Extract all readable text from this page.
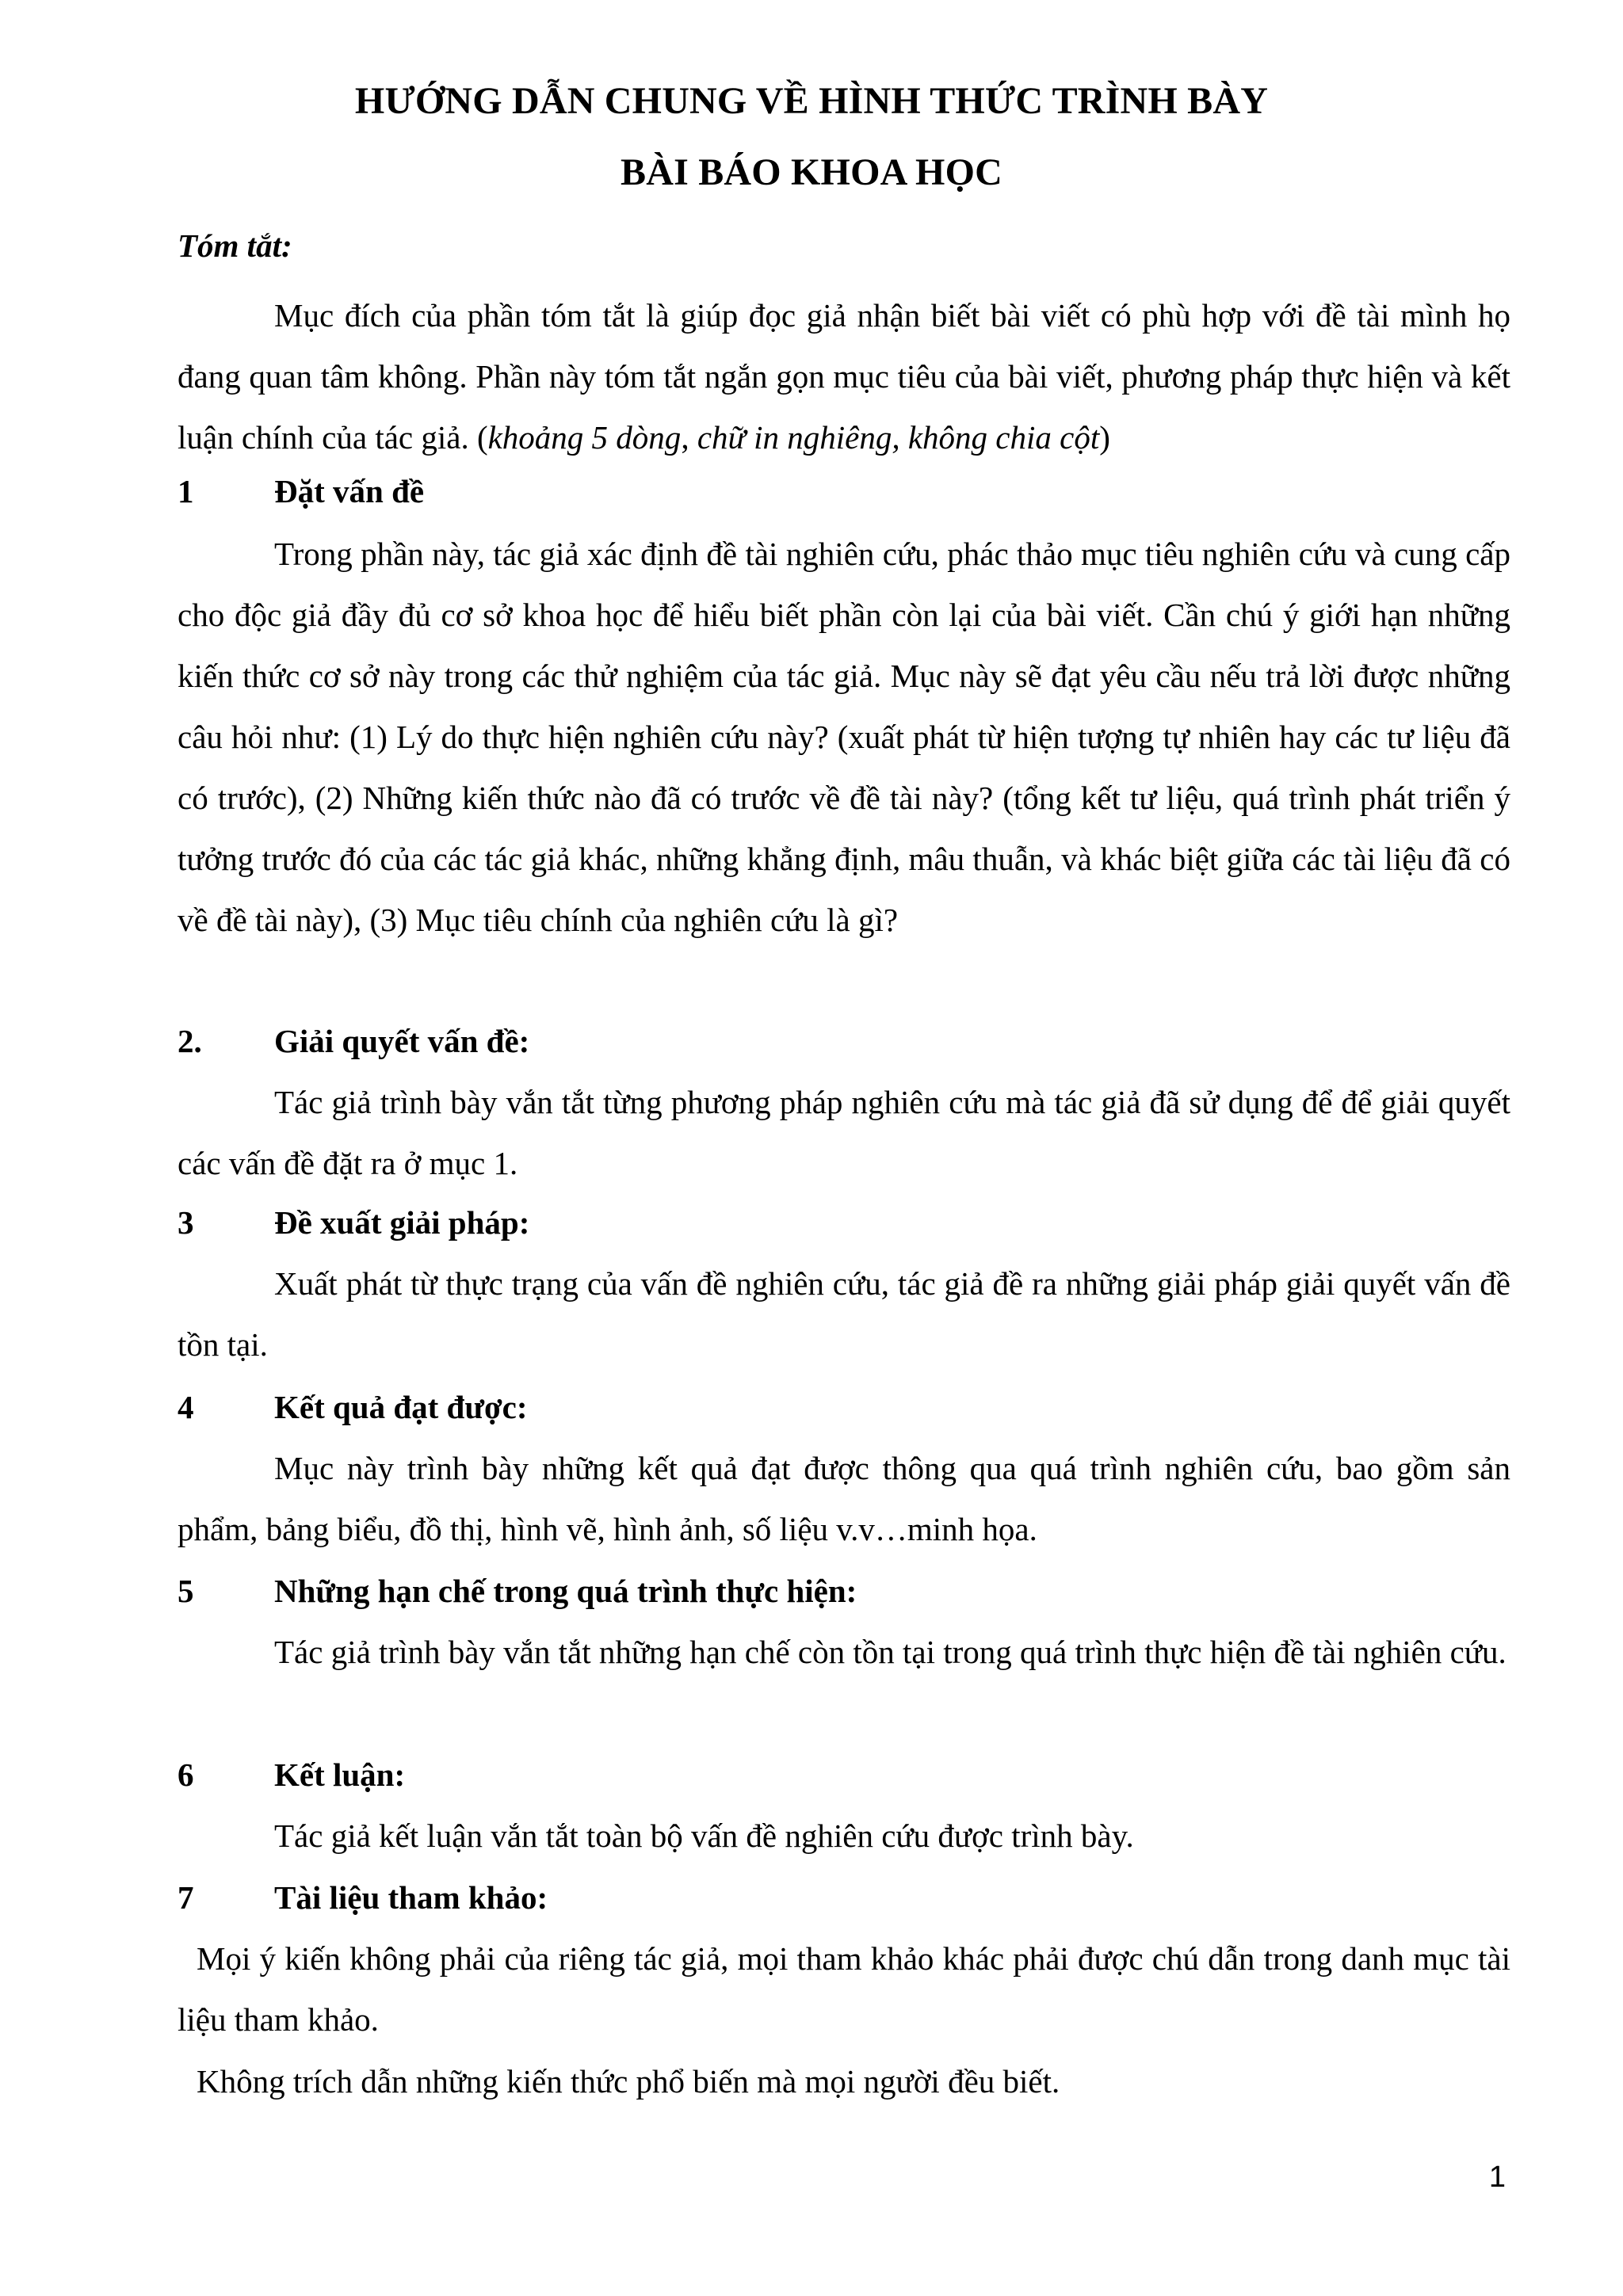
HƯỚNG DẪN CHUNG VỀ HÌNH THỨC TRÌNH BÀY
BÀI BÁO KHOA HỌC
Tóm tắt:

Mục đích của phần tóm tắt là giúp đọc giả nhận biết bài viết có phù hợp với đề tài mình họ đang quan tâm không. Phần này tóm tắt ngắn gọn mục tiêu của bài viết, phương pháp thực hiện và kết luận chính của tác giả. (khoảng 5 dòng, chữ in nghiêng, không chia cột)

1	Đặt vấn đề

Trong phần này, tác giả xác định đề tài nghiên cứu, phác thảo mục tiêu nghiên cứu và cung cấp cho độc giả đầy đủ cơ sở khoa học để hiểu biết phần còn lại của bài viết. Cần chú ý giới hạn những kiến thức cơ sở này trong các thử nghiệm của tác giả. Mục này sẽ đạt yêu cầu nếu trả lời được những câu hỏi như: (1) Lý do thực hiện nghiên cứu này? (xuất phát từ hiện tượng tự nhiên hay các tư liệu đã có trước), (2) Những kiến thức nào đã có trước về đề tài này? (tổng kết tư liệu, quá trình phát triển ý tưởng trước đó của các tác giả khác, những khẳng định, mâu thuẫn, và khác biệt giữa các tài liệu đã có về đề tài này), (3) Mục tiêu chính của nghiên cứu là gì?

2.	Giải quyết vấn đề:

Tác giả trình bày vắn tắt từng phương pháp nghiên cứu mà tác giả đã sử dụng để để giải quyết các vấn đề đặt ra ở mục 1.

3	Đề xuất giải pháp:

Xuất phát từ thực trạng của vấn đề nghiên cứu, tác giả đề ra những giải pháp giải quyết vấn đề tồn tại.

4	Kết quả đạt được:

Mục này trình bày những kết quả đạt được thông qua quá trình nghiên cứu, bao gồm sản phẩm, bảng biểu, đồ thị, hình vẽ, hình ảnh, số liệu v.v…minh họa.

5	Những hạn chế trong quá trình thực hiện:

Tác giả trình bày vắn tắt những hạn chế còn tồn tại trong quá trình thực hiện đề tài nghiên cứu.

6	Kết luận:

Tác giả kết luận vắn tắt toàn bộ vấn đề nghiên cứu được trình bày.

7	Tài liệu tham khảo:

Mọi ý kiến không phải của riêng tác giả, mọi tham khảo khác phải được chú dẫn trong danh mục tài liệu tham khảo.

Không trích dẫn những kiến thức phổ biến mà mọi người đều biết.

1
